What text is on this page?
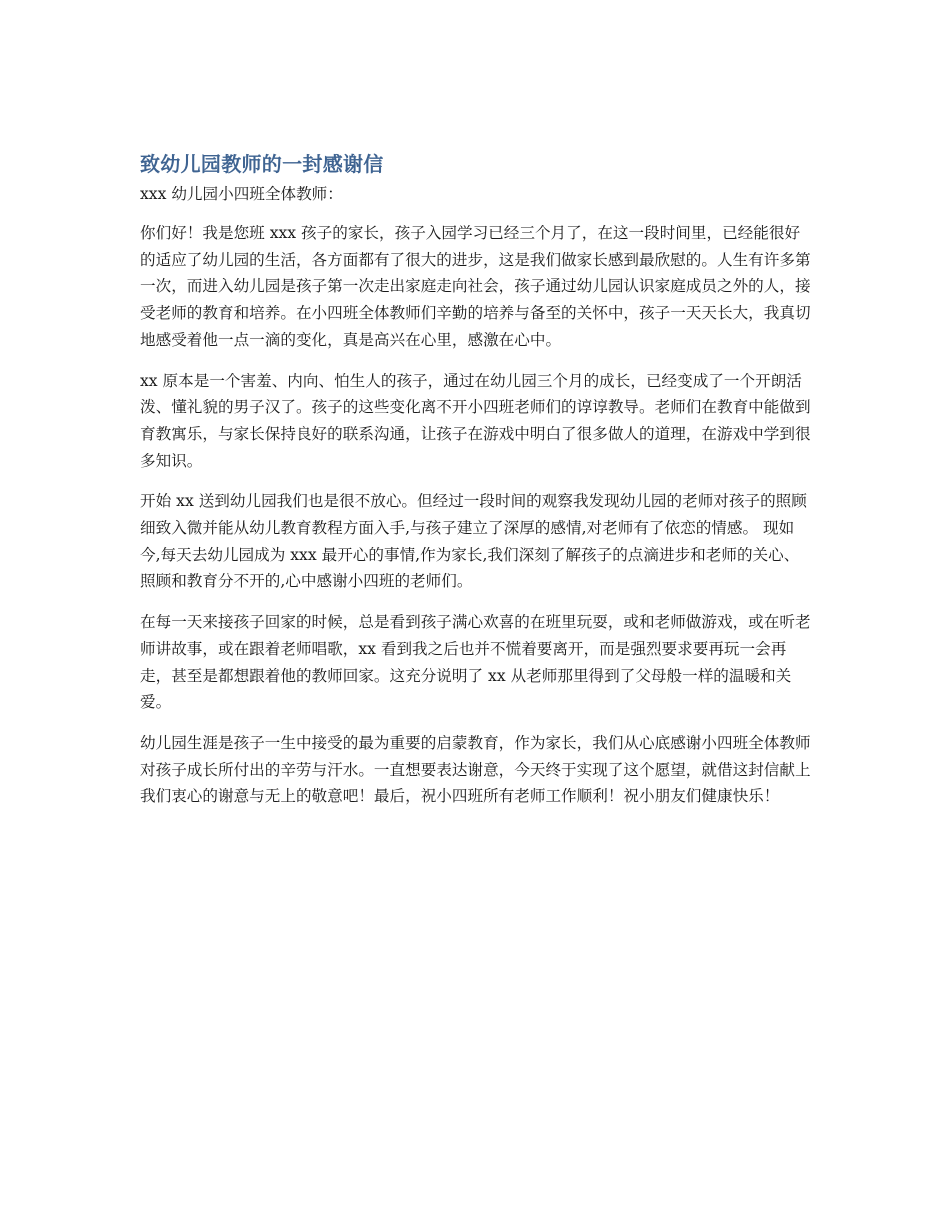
致幼儿园教师的一封感谢信

xxx 幼儿园小四班全体教师：

你们好！我是您班 xxx 孩子的家长，孩子入园学习已经三个月了，在这一段时间里，已经能很好的适应了幼儿园的生活，各方面都有了很大的进步，这是我们做家长感到最欣慰的。人生有许多第一次，而进入幼儿园是孩子第一次走出家庭走向社会，孩子通过幼儿园认识家庭成员之外的人，接受老师的教育和培养。在小四班全体教师们辛勤的培养与备至的关怀中，孩子一天天长大，我真切地感受着他一点一滴的变化，真是高兴在心里，感激在心中。

xx 原本是一个害羞、内向、怕生人的孩子，通过在幼儿园三个月的成长，已经变成了一个开朗活泼、懂礼貌的男子汉了。孩子的这些变化离不开小四班老师们的谆谆教导。老师们在教育中能做到育教寓乐，与家长保持良好的联系沟通，让孩子在游戏中明白了很多做人的道理，在游戏中学到很多知识。

开始 xx 送到幼儿园我们也是很不放心。但经过一段时间的观察我发现幼儿园的老师对孩子的照顾细致入微并能从幼儿教育教程方面入手,与孩子建立了深厚的感情,对老师有了依恋的情感。 现如今,每天去幼儿园成为 xxx 最开心的事情,作为家长,我们深刻了解孩子的点滴进步和老师的关心、照顾和教育分不开的,心中感谢小四班的老师们。

在每一天来接孩子回家的时候，总是看到孩子满心欢喜的在班里玩耍，或和老师做游戏，或在听老师讲故事，或在跟着老师唱歌，xx 看到我之后也并不慌着要离开，而是强烈要求要再玩一会再走，甚至是都想跟着他的教师回家。这充分说明了 xx 从老师那里得到了父母般一样的温暖和关爱。

幼儿园生涯是孩子一生中接受的最为重要的启蒙教育，作为家长，我们从心底感谢小四班全体教师对孩子成长所付出的辛劳与汗水。一直想要表达谢意，今天终于实现了这个愿望，就借这封信献上我们衷心的谢意与无上的敬意吧！最后，祝小四班所有老师工作顺利！祝小朋友们健康快乐！
